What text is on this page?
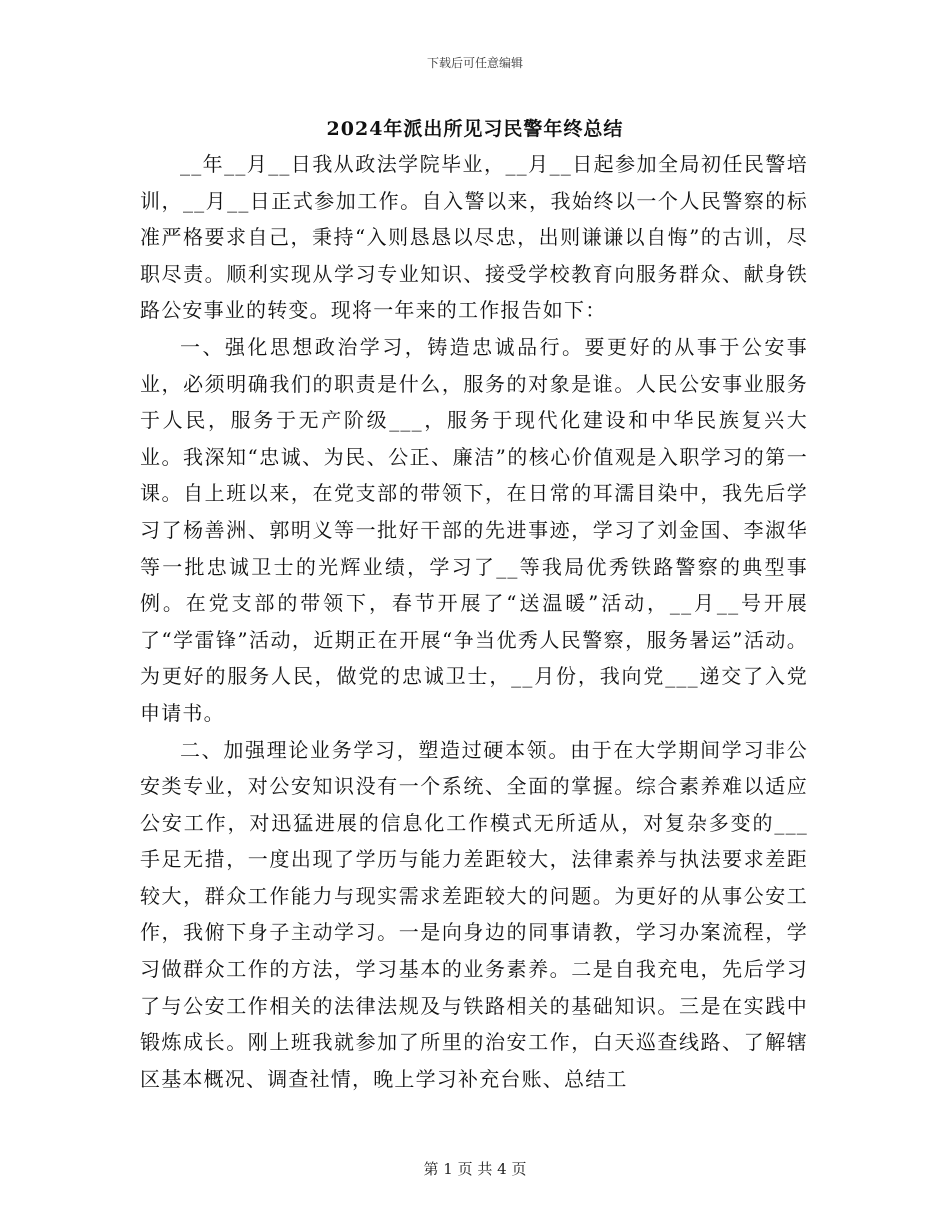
下载后可任意编辑
2024年派出所见习民警年终总结

__年__月__日我从政法学院毕业，__月__日起参加全局初任民警培训，__月__日正式参加工作。自入警以来，我始终以一个人民警察的标准严格要求自己，秉持“入则恳恳以尽忠，出则谦谦以自悔”的古训，尽职尽责。顺利实现从学习专业知识、接受学校教育向服务群众、献身铁路公安事业的转变。现将一年来的工作报告如下：

一、强化思想政治学习，铸造忠诚品行。要更好的从事于公安事业，必须明确我们的职责是什么，服务的对象是谁。人民公安事业服务于人民，服务于无产阶级___，服务于现代化建设和中华民族复兴大业。我深知“忠诚、为民、公正、廉洁”的核心价值观是入职学习的第一课。自上班以来，在党支部的带领下，在日常的耳濡目染中，我先后学习了杨善洲、郭明义等一批好干部的先进事迹，学习了刘金国、李淑华等一批忠诚卫士的光辉业绩，学习了__等我局优秀铁路警察的典型事例。在党支部的带领下，春节开展了“送温暖”活动，__月__号开展了“学雷锋”活动，近期正在开展“争当优秀人民警察，服务暑运”活动。为更好的服务人民，做党的忠诚卫士，__月份，我向党___递交了入党申请书。

二、加强理论业务学习，塑造过硬本领。由于在大学期间学习非公安类专业，对公安知识没有一个系统、全面的掌握。综合素养难以适应公安工作，对迅猛进展的信息化工作模式无所适从，对复杂多变的___手足无措，一度出现了学历与能力差距较大，法律素养与执法要求差距较大，群众工作能力与现实需求差距较大的问题。为更好的从事公安工作，我俯下身子主动学习。一是向身边的同事请教，学习办案流程，学习做群众工作的方法，学习基本的业务素养。二是自我充电，先后学习了与公安工作相关的法律法规及与铁路相关的基础知识。三是在实践中锻炼成长。刚上班我就参加了所里的治安工作，白天巡查线路、了解辖区基本概况、调查社情，晚上学习补充台账、总结工

第 1 页 共 4 页
